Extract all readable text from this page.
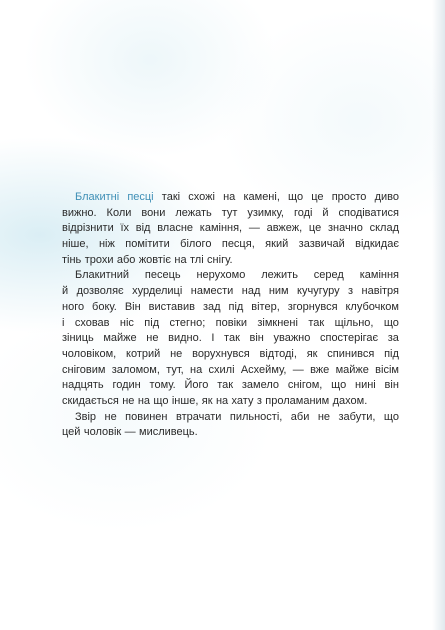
Блакитні песці такі схожі на камені, що це просто диво
вижно. Коли вони лежать тут узимку, годі й сподіватися
відрізнити їх від власне каміння, — авжеж, це значно склад
ніше, ніж помітити білого песця, який зазвичай відкидає
тінь трохи або жовтіє на тлі снігу.
Блакитний песець нерухомо лежить серед каміння
й дозволяє хурделиці намести над ним кучугуру з навітря
ного боку. Він виставив зад під вітер, згорнувся клубочком
і сховав ніс під стегно; повіки зімкнені так щільно, що
зіниць майже не видно. І так він уважно спостерігає за
чоловіком, котрий не ворухнувся відтоді, як спинився під
сніговим заломом, тут, на схилі Асхейму, — вже майже вісім
надцять годин тому. Його так замело снігом, що нині він
скидається не на що інше, як на хату з проламаним дахом.
Звір не повинен втрачати пильності, аби не забути, що
цей чоловік — мисливець.
